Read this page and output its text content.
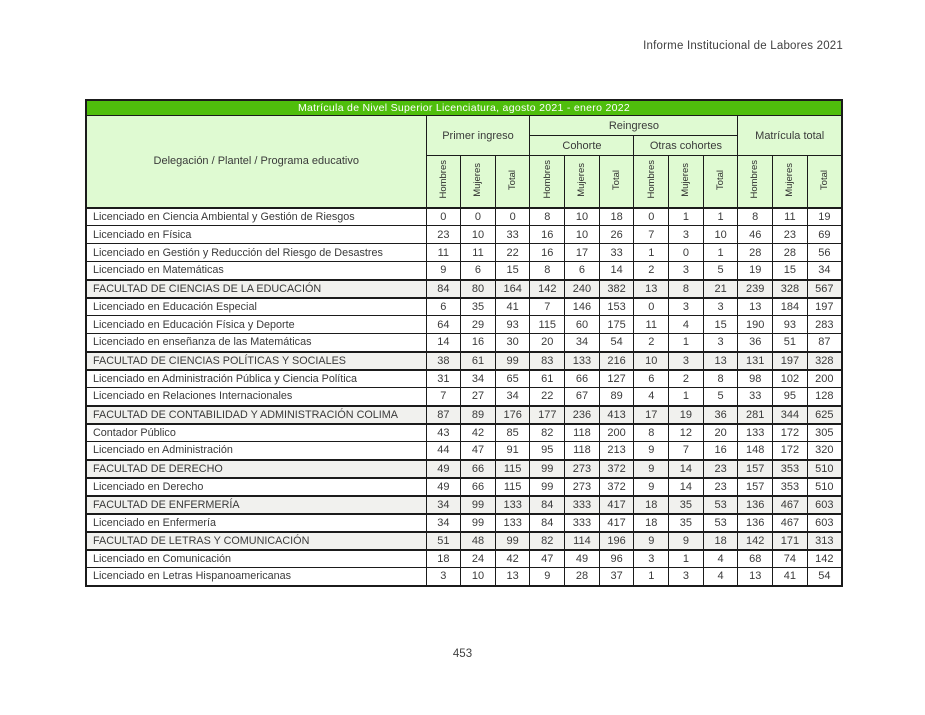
Informe Institucional de Labores 2021
Matrícula de Nivel Superior Licenciatura, agosto 2021 - enero 2022												
Delegación / Plantel / Programa educativo	Primer ingreso			Reingreso						Matrícula total		
				Cohorte			Otras cohortes					
	Hombres	Mujeres	Total	Hombres	Mujeres	Total	Hombres	Mujeres	Total	Hombres	Mujeres	Total
Licenciado en Ciencia Ambiental y Gestión de Riesgos	0	0	0	8	10	18	0	1	1	8	11	19
Licenciado en Física	23	10	33	16	10	26	7	3	10	46	23	69
Licenciado en Gestión y Reducción del Riesgo de Desastres	11	11	22	16	17	33	1	0	1	28	28	56
Licenciado en Matemáticas	9	6	15	8	6	14	2	3	5	19	15	34
FACULTAD DE CIENCIAS DE LA EDUCACIÓN	84	80	164	142	240	382	13	8	21	239	328	567
Licenciado en Educación Especial	6	35	41	7	146	153	0	3	3	13	184	197
Licenciado en Educación Física y Deporte	64	29	93	115	60	175	11	4	15	190	93	283
Licenciado en enseñanza de las Matemáticas	14	16	30	20	34	54	2	1	3	36	51	87
FACULTAD DE CIENCIAS POLÍTICAS Y SOCIALES	38	61	99	83	133	216	10	3	13	131	197	328
Licenciado en Administración Pública y Ciencia Política	31	34	65	61	66	127	6	2	8	98	102	200
Licenciado en Relaciones Internacionales	7	27	34	22	67	89	4	1	5	33	95	128
FACULTAD DE CONTABILIDAD Y ADMINISTRACIÓN COLIMA	87	89	176	177	236	413	17	19	36	281	344	625
Contador Público	43	42	85	82	118	200	8	12	20	133	172	305
Licenciado en Administración	44	47	91	95	118	213	9	7	16	148	172	320
FACULTAD DE DERECHO	49	66	115	99	273	372	9	14	23	157	353	510
Licenciado en Derecho	49	66	115	99	273	372	9	14	23	157	353	510
FACULTAD DE ENFERMERÍA	34	99	133	84	333	417	18	35	53	136	467	603
Licenciado en Enfermería	34	99	133	84	333	417	18	35	53	136	467	603
FACULTAD DE LETRAS Y COMUNICACIÓN	51	48	99	82	114	196	9	9	18	142	171	313
Licenciado en Comunicación	18	24	42	47	49	96	3	1	4	68	74	142
Licenciado en Letras Hispanoamericanas	3	10	13	9	28	37	1	3	4	13	41	54
453
